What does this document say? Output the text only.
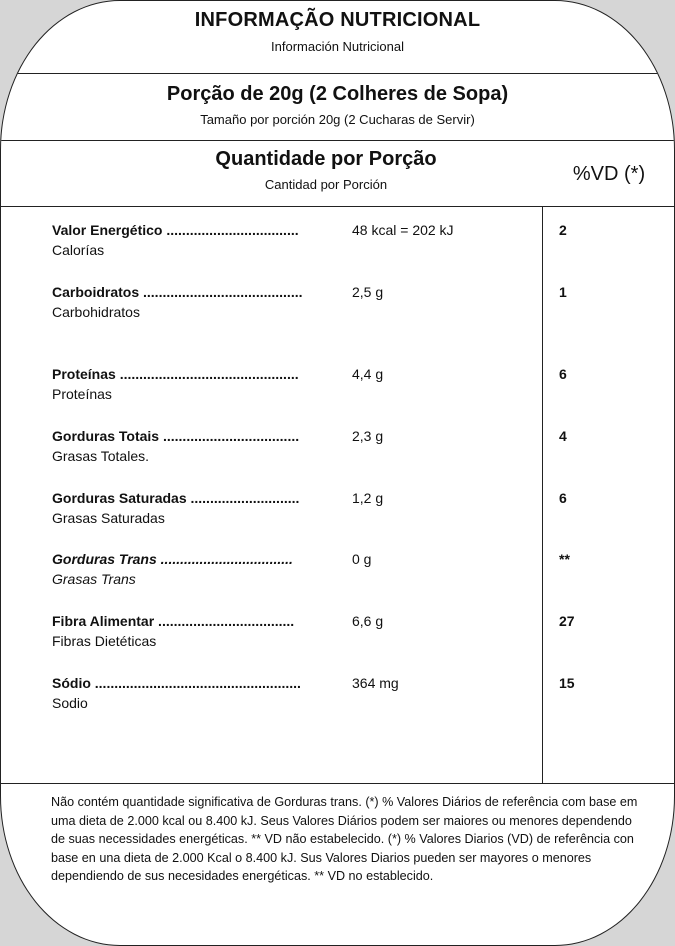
INFORMAÇÃO NUTRICIONAL
Información Nutricional
Porção de 20g (2 Colheres de Sopa)
Tamaño por porción 20g (2 Cucharas de Servir)
Quantidade por Porção
Cantidad por Porción	%VD (*)
Valor Energético ..................................
Calorías
48 kcal = 202 kJ	2
Carboidratos .........................................
Carbohidratos
2,5 g	1
Proteínas ..............................................
Proteínas
4,4 g	6
Gorduras Totais ...................................
Grasas Totales.
2,3 g	4
Gorduras Saturadas ............................
Grasas Saturadas
1,2 g	6
Gorduras Trans ..................................
Grasas Trans
0 g	**
Fibra Alimentar ...................................
Fibras Dietéticas
6,6 g	27
Sódio .....................................................
Sodio
364 mg	15
Não contém quantidade significativa de Gorduras trans. (*) % Valores Diários de referência com base em uma dieta de 2.000 kcal ou 8.400 kJ. Seus Valores Diários podem ser maiores ou menores dependendo de suas necessidades energéticas. ** VD não estabelecido. (*) % Valores Diarios (VD) de referência con base en una dieta de 2.000 Kcal o 8.400 kJ. Sus Valores Diarios pueden ser mayores o menores dependiendo de sus necesidades energéticas. ** VD no establecido.
